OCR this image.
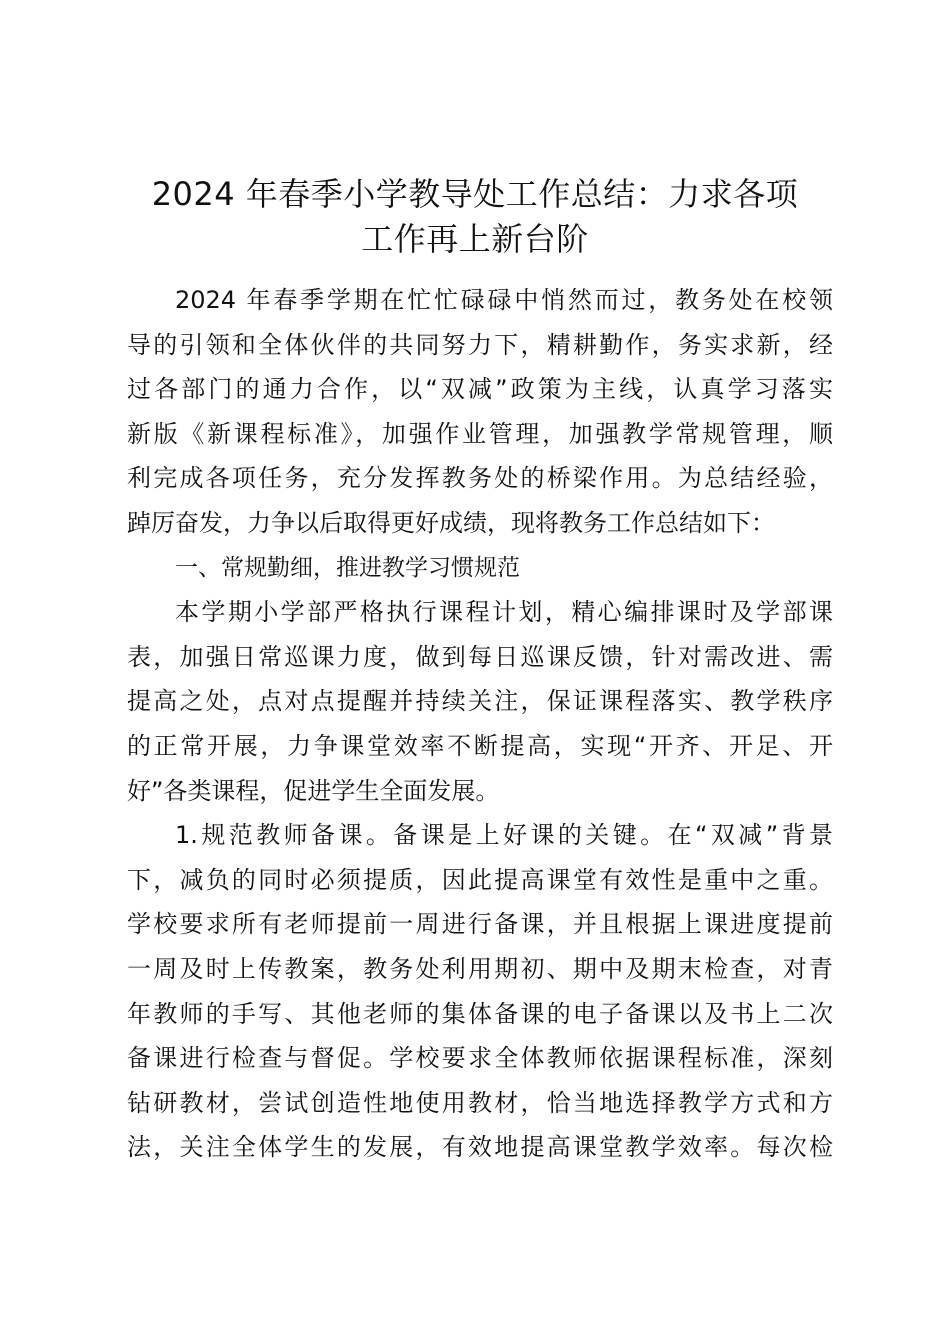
2024 年春季小学教导处工作总结：力求各项
工作再上新台阶
2024 年春季学期在忙忙碌碌中悄然而过，教务处在校领
导的引领和全体伙伴的共同努力下，精耕勤作，务实求新，经
过各部门的通力合作，以“双减”政策为主线，认真学习落实
新版《新课程标准》，加强作业管理，加强教学常规管理，顺
利完成各项任务，充分发挥教务处的桥梁作用。为总结经验，
踔厉奋发，力争以后取得更好成绩，现将教务工作总结如下：
一、常规勤细，推进教学习惯规范
本学期小学部严格执行课程计划，精心编排课时及学部课
表，加强日常巡课力度，做到每日巡课反馈，针对需改进、需
提高之处，点对点提醒并持续关注，保证课程落实、教学秩序
的正常开展，力争课堂效率不断提高，实现“开齐、开足、开
好”各类课程，促进学生全面发展。
1.规范教师备课。备课是上好课的关键。在“双减”背景
下，减负的同时必须提质，因此提高课堂有效性是重中之重。
学校要求所有老师提前一周进行备课，并且根据上课进度提前
一周及时上传教案，教务处利用期初、期中及期末检查，对青
年教师的手写、其他老师的集体备课的电子备课以及书上二次
备课进行检查与督促。学校要求全体教师依据课程标准，深刻
钻研教材，尝试创造性地使用教材，恰当地选择教学方式和方
法，关注全体学生的发展，有效地提高课堂教学效率。每次检
